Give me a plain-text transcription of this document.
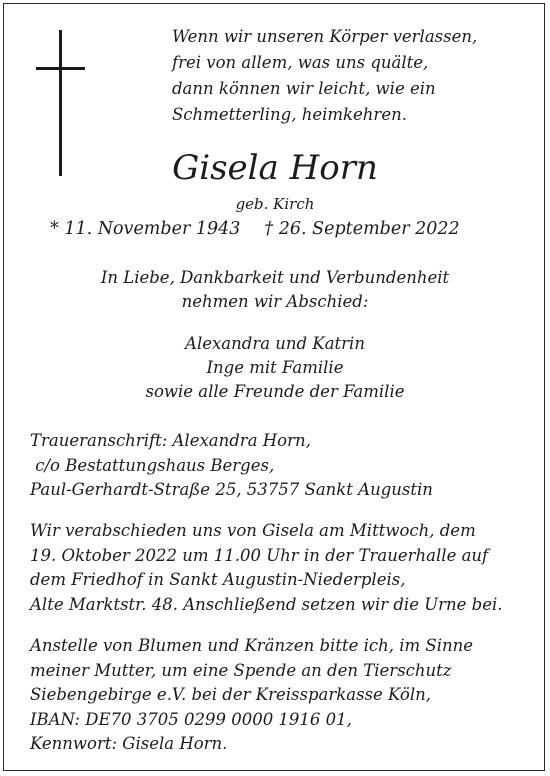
Wenn wir unseren Körper verlassen,
frei von allem, was uns quälte,
dann können wir leicht, wie ein
Schmetterling, heimkehren.
Gisela Horn
geb. Kirch
* 11. November 1943 † 26. September 2022
In Liebe, Dankbarkeit und Verbundenheit
nehmen wir Abschied:
Alexandra und Katrin
Inge mit Familie
sowie alle Freunde der Familie
Traueranschrift: Alexandra Horn,
c/o Bestattungshaus Berges,
Paul-Gerhardt-Straße 25, 53757 Sankt Augustin
Wir verabschieden uns von Gisela am Mittwoch, dem
19. Oktober 2022 um 11.00 Uhr in der Trauerhalle auf
dem Friedhof in Sankt Augustin-Niederpleis,
Alte Marktstr. 48. Anschließend setzen wir die Urne bei.
Anstelle von Blumen und Kränzen bitte ich, im Sinne
meiner Mutter, um eine Spende an den Tierschutz
Siebengebirge e.V. bei der Kreissparkasse Köln,
IBAN: DE70 3705 0299 0000 1916 01,
Kennwort: Gisela Horn.
